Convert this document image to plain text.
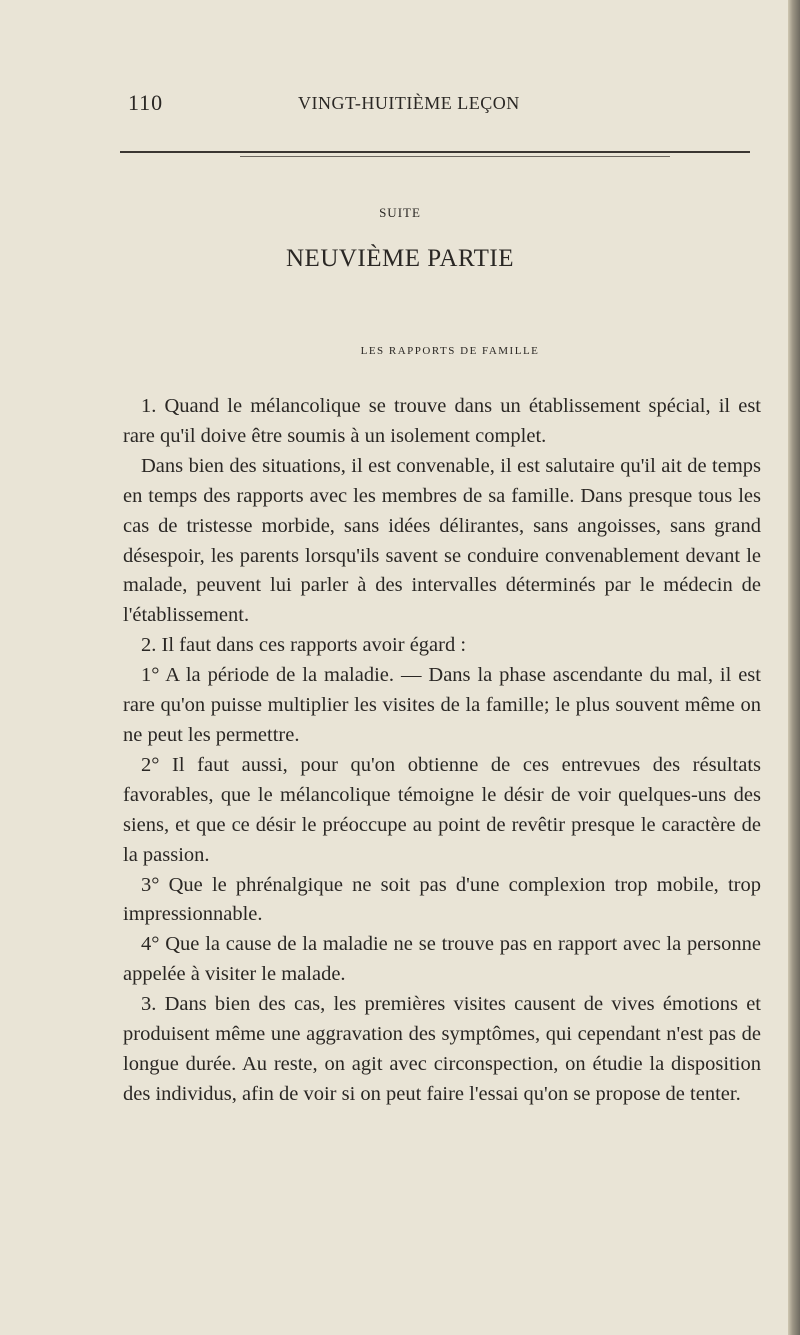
110	VINGT-HUITIÈME LEÇON
SUITE
NEUVIÈME PARTIE
LES RAPPORTS DE FAMILLE

1. Quand le mélancolique se trouve dans un établissement spécial, il est rare qu'il doive être soumis à un isolement complet.

Dans bien des situations, il est convenable, il est salutaire qu'il ait de temps en temps des rapports avec les membres de sa famille. Dans presque tous les cas de tristesse morbide, sans idées délirantes, sans angoisses, sans grand désespoir, les parents lorsqu'ils savent se conduire convenablement devant le malade, peuvent lui parler à des intervalles déterminés par le médecin de l'établissement.

2. Il faut dans ces rapports avoir égard :

1° A la période de la maladie. — Dans la phase ascendante du mal, il est rare qu'on puisse multiplier les visites de la famille; le plus souvent même on ne peut les permettre.

2° Il faut aussi, pour qu'on obtienne de ces entrevues des résultats favorables, que le mélancolique témoigne le désir de voir quelques-uns des siens, et que ce désir le préoccupe au point de revêtir presque le caractère de la passion.

3° Que le phrénalgique ne soit pas d'une complexion trop mobile, trop impressionnable.

4° Que la cause de la maladie ne se trouve pas en rapport avec la personne appelée à visiter le malade.

3. Dans bien des cas, les premières visites causent de vives émotions et produisent même une aggravation des symptômes, qui cependant n'est pas de longue durée. Au reste, on agit avec circonspection, on étudie la disposition des individus, afin de voir si on peut faire l'essai qu'on se propose de tenter.
